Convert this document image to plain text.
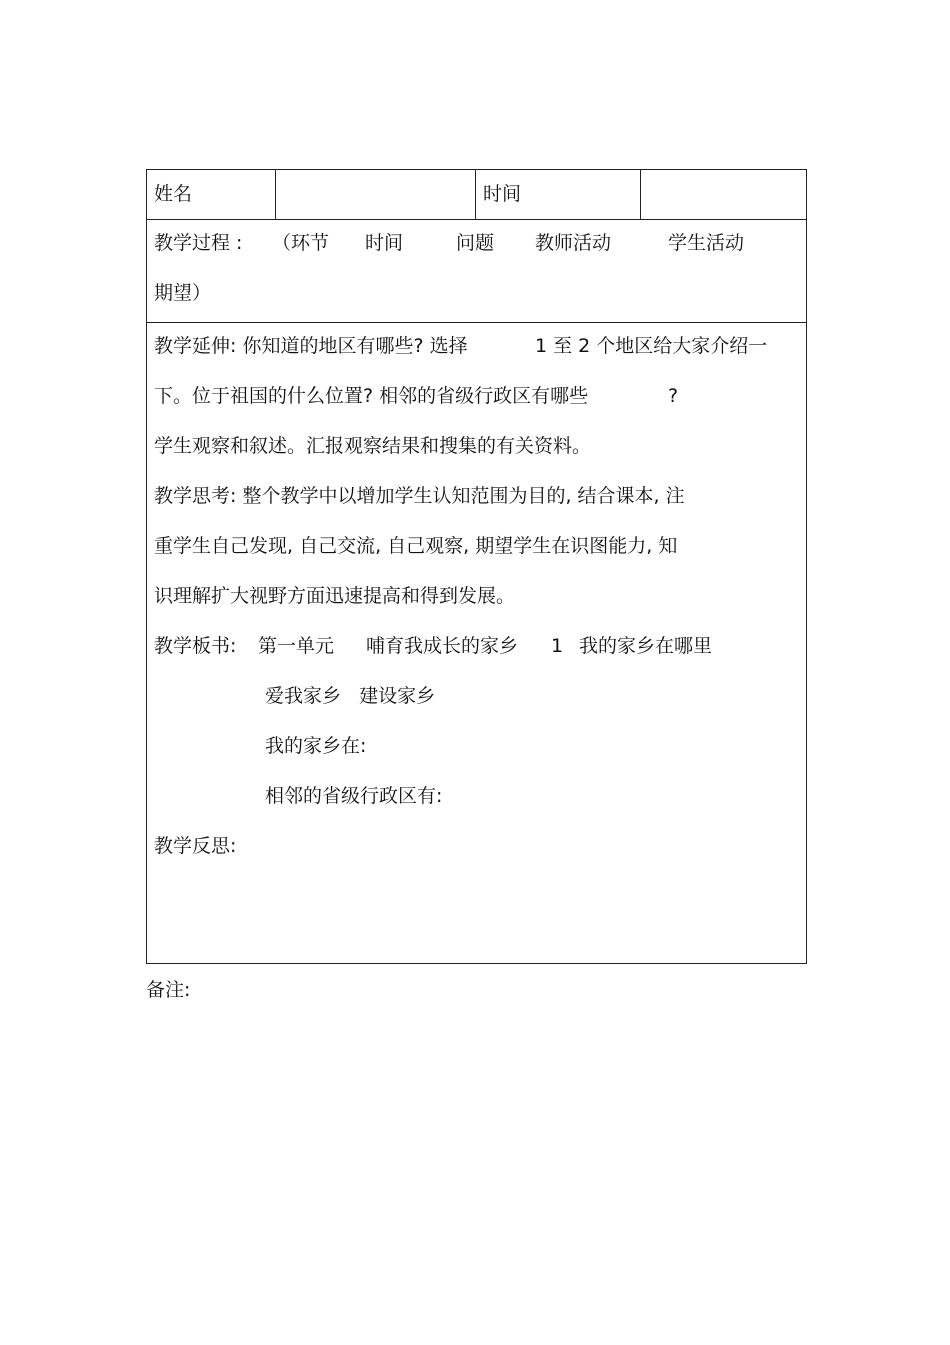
姓名		时间

教学过程 : （环节 时间	问题 教师活动	学生活动
期望）

教学延伸: 你知道的地区有哪些? 选择	1 至 2 个地区给大家介绍一
下。位于祖国的什么位置? 相邻的省级行政区有哪些	?
学生观察和叙述。汇报观察结果和搜集的有关资料。
教学思考: 整个教学中以增加学生认知范围为目的, 结合课本, 注
重学生自己发现, 自己交流, 自己观察, 期望学生在识图能力, 知
识理解扩大视野方面迅速提高和得到发展。
教学板书: 第一单元 哺育我成长的家乡 1 我的家乡在哪里
爱我家乡   建设家乡
我的家乡在:
相邻的省级行政区有:
教学反思:
备注:
